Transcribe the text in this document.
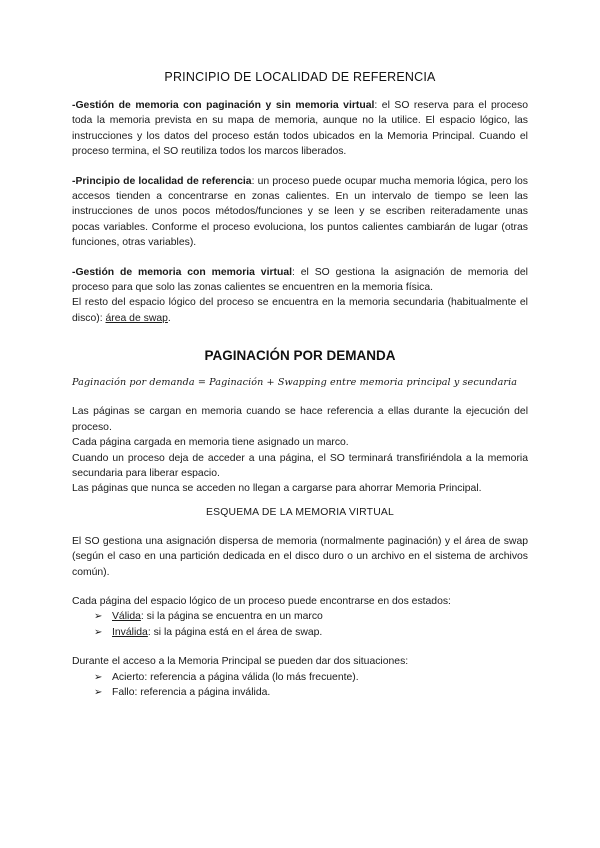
PRINCIPIO DE LOCALIDAD DE REFERENCIA

-Gestión de memoria con paginación y sin memoria virtual: el SO reserva para el proceso toda la memoria prevista en su mapa de memoria, aunque no la utilice. El espacio lógico, las instrucciones y los datos del proceso están todos ubicados en la Memoria Principal. Cuando el proceso termina, el SO reutiliza todos los marcos liberados.

-Principio de localidad de referencia: un proceso puede ocupar mucha memoria lógica, pero los accesos tienden a concentrarse en zonas calientes. En un intervalo de tiempo se leen las instrucciones de unos pocos métodos/funciones y se leen y se escriben reiteradamente unas pocas variables. Conforme el proceso evoluciona, los puntos calientes cambiarán de lugar (otras funciones, otras variables).

-Gestión de memoria con memoria virtual: el SO gestiona la asignación de memoria del proceso para que solo las zonas calientes se encuentren en la memoria física.

El resto del espacio lógico del proceso se encuentra en la memoria secundaria (habitualmente el disco): área de swap.

PAGINACIÓN POR DEMANDA
Paginación por demanda = Paginación + Swapping entre memoria principal y secundaria

Las páginas se cargan en memoria cuando se hace referencia a ellas durante la ejecución del proceso.

Cada página cargada en memoria tiene asignado un marco.

Cuando un proceso deja de acceder a una página, el SO terminará transfiriéndola a la memoria secundaria para liberar espacio.

Las páginas que nunca se acceden no llegan a cargarse para ahorrar Memoria Principal.

ESQUEMA DE LA MEMORIA VIRTUAL

El SO gestiona una asignación dispersa de memoria (normalmente paginación) y el área de swap (según el caso en una partición dedicada en el disco duro o un archivo en el sistema de archivos común).

Cada página del espacio lógico de un proceso puede encontrarse en dos estados:

➢ Válida: si la página se encuentra en un marco
➢ Inválida: si la página está en el área de swap.

Durante el acceso a la Memoria Principal se pueden dar dos situaciones:

➢ Acierto: referencia a página válida (lo más frecuente).
➢ Fallo: referencia a página inválida.
